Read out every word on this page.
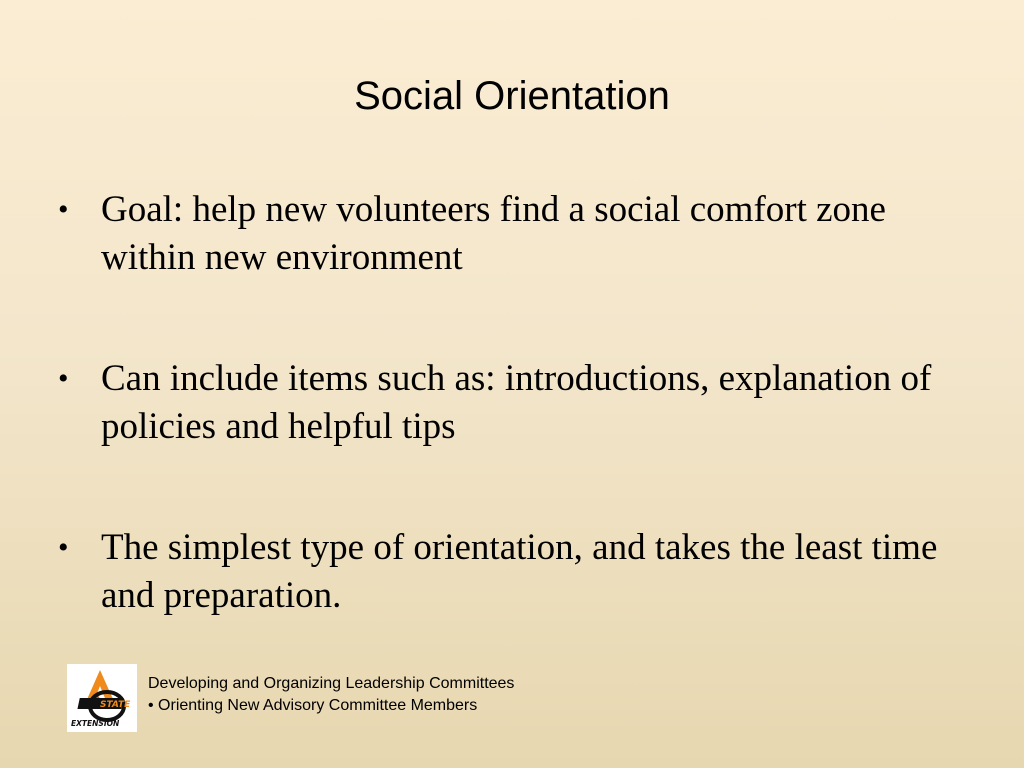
Social Orientation
• Goal: help new volunteers find a social comfort zone within new environment
• Can include items such as: introductions, explanation of policies and helpful tips
• The simplest type of orientation, and takes the least time and preparation.
STATE
EXTENSION
Developing and Organizing Leadership Committees
• Orienting New Advisory Committee Members
